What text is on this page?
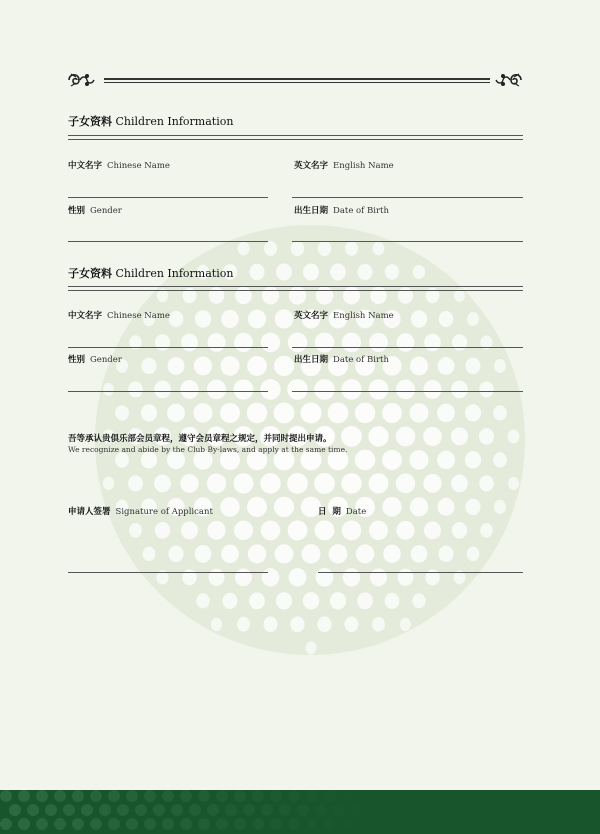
子女资料 Children Information
中文名字 Chinese Name	英文名字 English Name
性别 Gender	出生日期 Date of Birth
子女资料 Children Information
中文名字 Chinese Name	英文名字 English Name
性别 Gender	出生日期 Date of Birth
吾等承认贵俱乐部会员章程，遵守会员章程之规定，并同时提出申请。
We recognize and abide by the Club By-laws, and apply at the same time.
申请人签署 Signature of Applicant	日  期 Date
